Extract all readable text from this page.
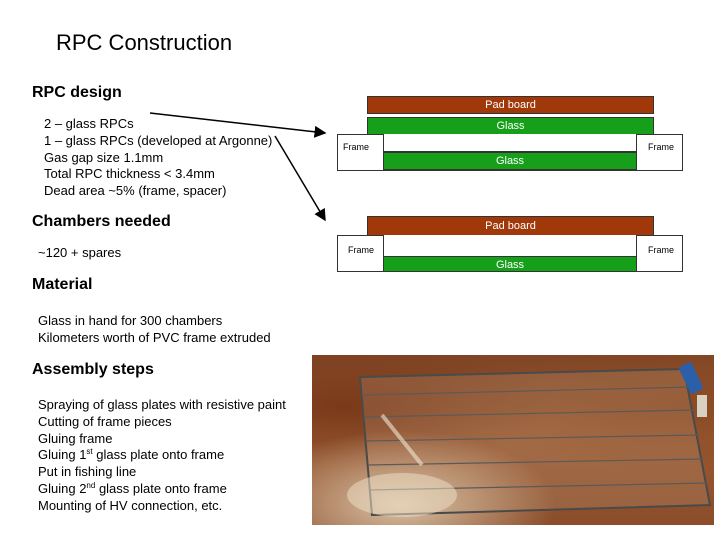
RPC Construction
RPC design
2 – glass RPCs
1 – glass RPCs (developed at Argonne)
Gas gap size 1.1mm
Total RPC thickness < 3.4mm
Dead area ~5% (frame, spacer)
Chambers needed
~120 + spares
Material
Glass in hand for 300 chambers
Kilometers worth of PVC frame extruded
Assembly steps
Spraying of glass plates with resistive paint
Cutting of frame pieces
Gluing frame
Gluing 1st glass plate onto frame
Put in fishing line
Gluing 2nd glass plate onto frame
Mounting of HV connection, etc.
Pad board
Glass
Frame	Frame
Glass
Pad board
Frame	Frame
Glass
